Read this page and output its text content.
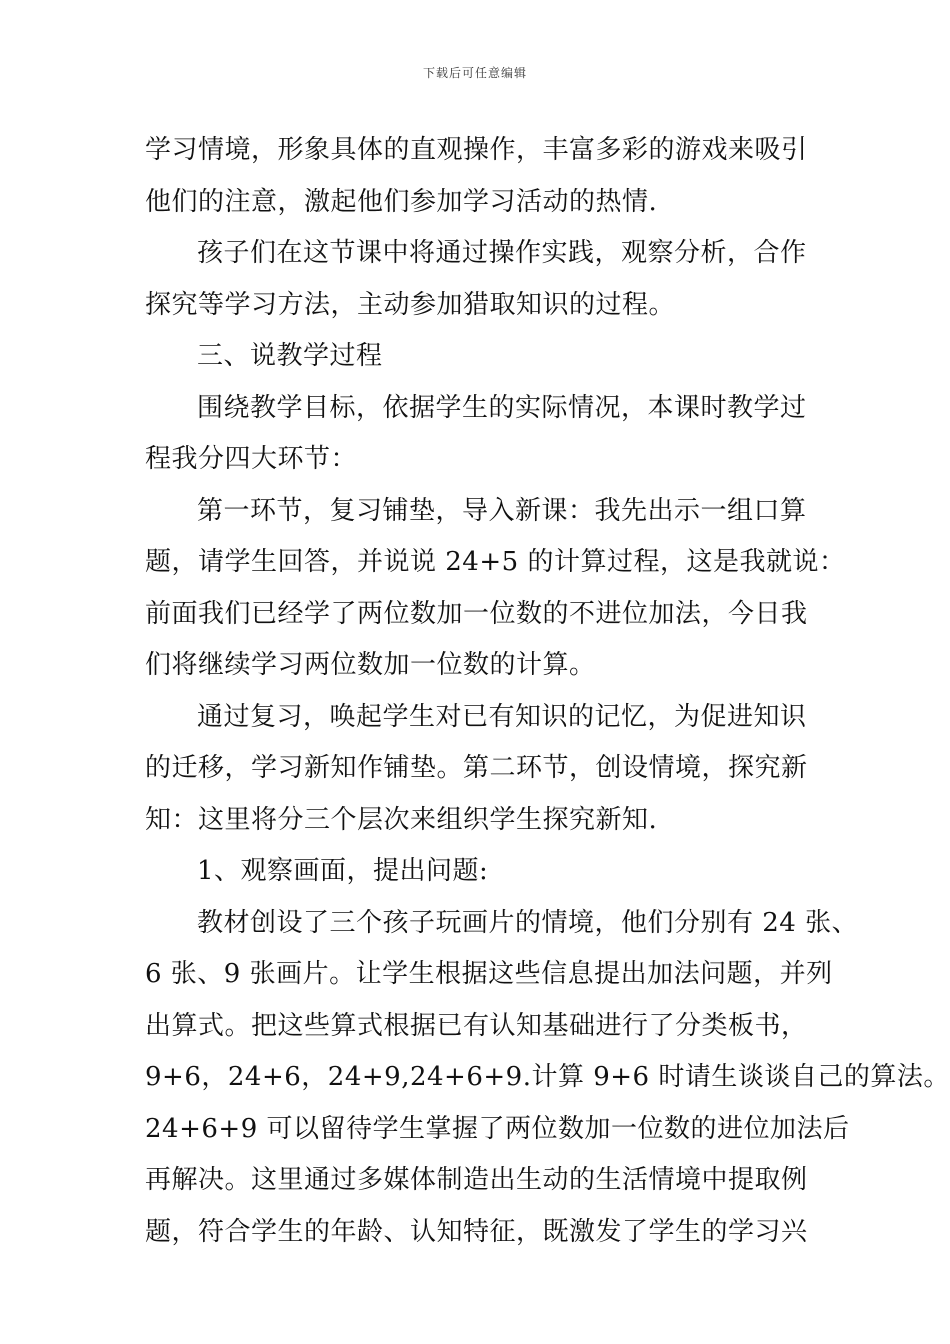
下载后可任意编辑
学习情境，形象具体的直观操作，丰富多彩的游戏来吸引
他们的注意，激起他们参加学习活动的热情.
孩子们在这节课中将通过操作实践，观察分析，合作
探究等学习方法，主动参加猎取知识的过程。
三、说教学过程
围绕教学目标，依据学生的实际情况，本课时教学过
程我分四大环节：
第一环节，复习铺垫，导入新课：我先出示一组口算
题，请学生回答，并说说 24+5 的计算过程，这是我就说：
前面我们已经学了两位数加一位数的不进位加法，今日我
们将继续学习两位数加一位数的计算。
通过复习，唤起学生对已有知识的记忆，为促进知识
的迁移，学习新知作铺垫。第二环节，创设情境，探究新
知：这里将分三个层次来组织学生探究新知.
1、观察画面，提出问题:
教材创设了三个孩子玩画片的情境，他们分别有 24 张、
6 张、9 张画片。让学生根据这些信息提出加法问题，并列
出算式。把这些算式根据已有认知基础进行了分类板书，
9+6，24+6，24+9,24+6+9.计算 9+6 时请生谈谈自己的算法。
24+6+9 可以留待学生掌握了两位数加一位数的进位加法后
再解决。这里通过多媒体制造出生动的生活情境中提取例
题，符合学生的年龄、认知特征，既激发了学生的学习兴
